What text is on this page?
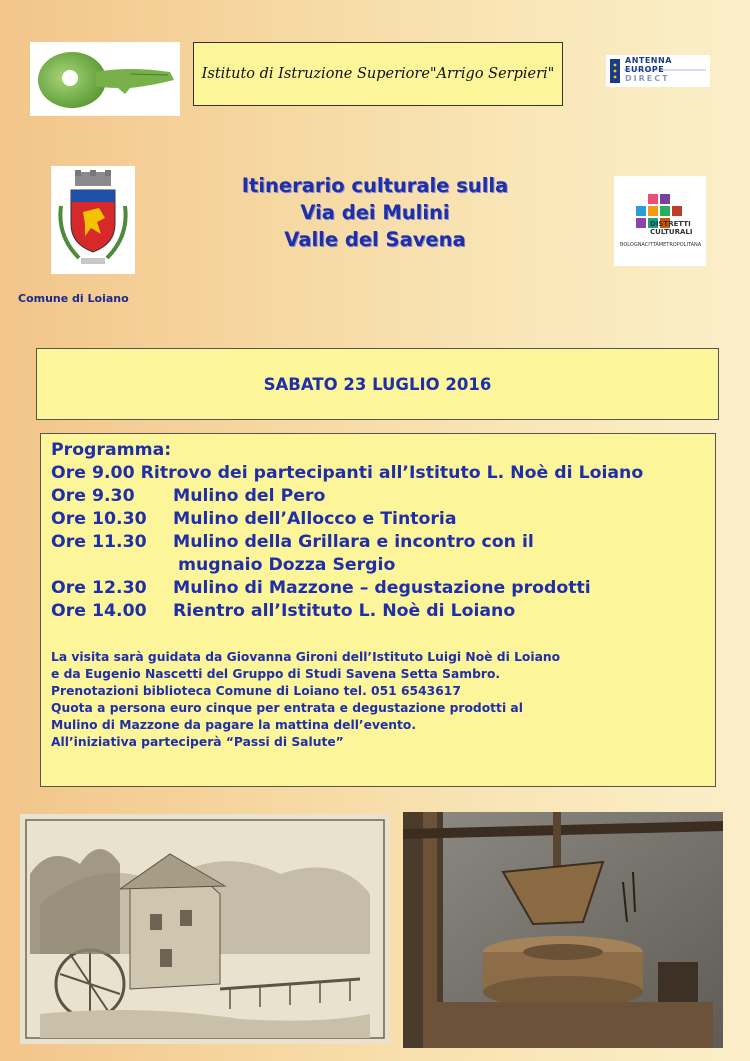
Istituto di Istruzione Superiore"Arrigo Serpieri"
ANTENNA
EUROPE
DIRECT
Comune di Loiano
Itinerario culturale sulla
Via dei Mulini
Valle del Savena
DISTRETTI
CULTURALI
BOLOGNACITTÀMETROPOLITANA
SABATO 23 LUGLIO 2016
Programma:
Ore 9.00 Ritrovo dei partecipanti all’Istituto L. Noè di Loiano
Ore 9.30 Mulino del Pero
Ore 10.30 Mulino dell’Allocco e Tintoria
Ore 11.30 Mulino della Grillara e incontro con il
mugnaio Dozza Sergio
Ore 12.30 Mulino di Mazzone – degustazione prodotti
Ore 14.00 Rientro all’Istituto L. Noè di Loiano
La visita sarà guidata da Giovanna Gironi dell’Istituto Luigi Noè di Loiano
e da Eugenio Nascetti del Gruppo di Studi Savena Setta Sambro.
Prenotazioni biblioteca Comune di Loiano tel. 051 6543617
Quota a persona euro cinque per entrata e degustazione prodotti al
Mulino di Mazzone da pagare la mattina dell’evento.
All’iniziativa parteciperà “Passi di Salute”
